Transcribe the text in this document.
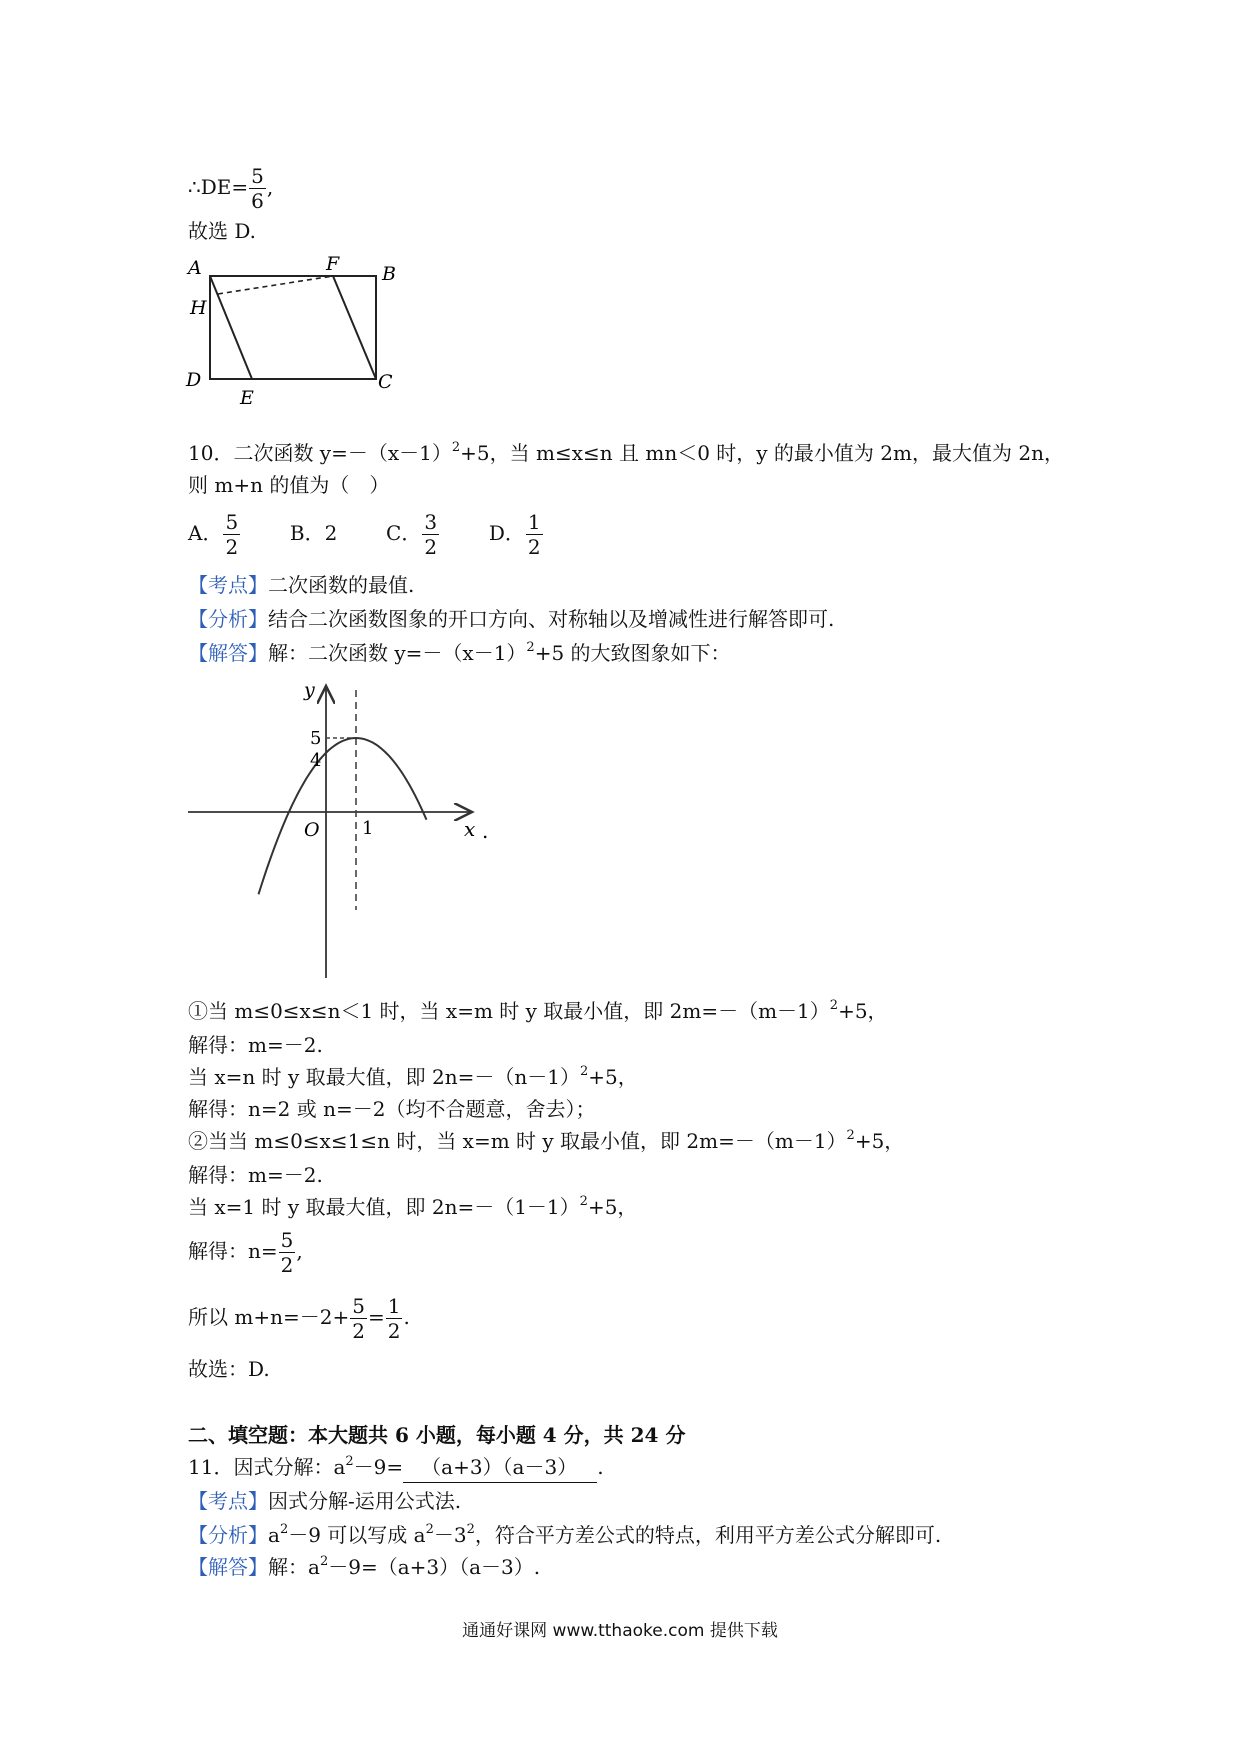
∴DE= $\frac{5}{6}$ ,
故选 D.
A	F B
H
D
E
C
10．二次函数 $y=-(x-1)^2+5$，当 m≤x≤n 且 mn＜0 时，y 的最小值为 2m，最大值为 2n，
则 m+n 的值为（　）
A． $\frac{5}{2}$ B．2 C． $\frac{3}{2}$ D． $\frac{1}{2}$
【考点】二次函数的最值.
【分析】结合二次函数图象的开口方向、对称轴以及增减性进行解答即可.
【解答】解：二次函数 $y=-(x-1)^2+5$ 的大致图象如下：
y
x .
O 1
5
4
①当 m≤0≤x≤n＜1 时，当 x=m 时 y 取最小值，即 $2m=-(m-1)^2+5$，
解得：m=－2.
当 x=n 时 y 取最大值，即 $2n=-(n-1)^2+5$，
解得：n=2 或 n=－2（均不合题意，舍去）；
②当当 m≤0≤x≤1≤n 时，当 x=m 时 y 取最小值，即 $2m=-(m-1)^2+5$，
解得：m=－2.
当 x=1 时 y 取最大值，即 $2n=-(1-1)^2+5$，
解得：$n= \frac{5}{2}$ ,
所以 $m+n=-2+ \frac{5}{2} = \frac{1}{2}$ .
故选：D.
二、填空题：本大题共 6 小题，每小题 4 分，共 24 分
11．因式分解：$a^2-9= (a+3)(a-3)$ .
【考点】因式分解-运用公式法.
【分析】$a^2-9$ 可以写成 $a^2-3^2$，符合平方差公式的特点，利用平方差公式分解即可.
【解答】解：$a^2-9=(a+3)(a-3)$.
通通好课网 www.tthaoke.com 提供下载
